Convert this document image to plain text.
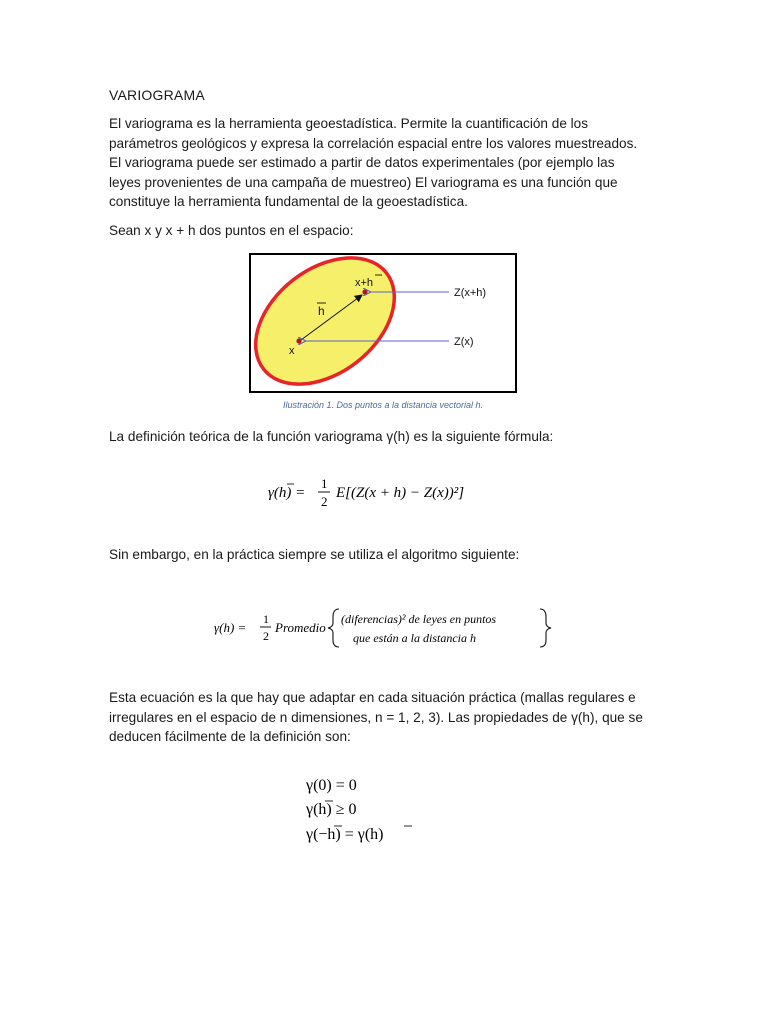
VARIOGRAMA
El variograma es la herramienta geoestadística. Permite la cuantificación de los
parámetros geológicos y expresa la correlación espacial entre los valores muestreados.
El variograma puede ser estimado a partir de datos experimentales (por ejemplo las
leyes provenientes de una campaña de muestreo) El variograma es una función que
constituye la herramienta fundamental de la geoestadística.
Sean x y x + h dos puntos en el espacio:
x
x+h
h
Z(x+h)
Z(x)
Ilustración 1. Dos puntos a la distancia vectorial h.
La definición teórica de la función variograma γ(h) es la siguiente fórmula:
γ(h) =
1
2
E[(Z(x + h) − Z(x))²]
Sin embargo, en la práctica siempre se utiliza el algoritmo siguiente:
γ(h) =
1
2
Promedio
(diferencias)² de leyes en puntos
que están a la distancia h
Esta ecuación es la que hay que adaptar en cada situación práctica (mallas regulares e
irregulares en el espacio de n dimensiones, n = 1, 2, 3). Las propiedades de γ(h), que se
deducen fácilmente de la definición son:
γ(0) = 0
γ(h) ≥ 0
γ(−h) = γ(h)
